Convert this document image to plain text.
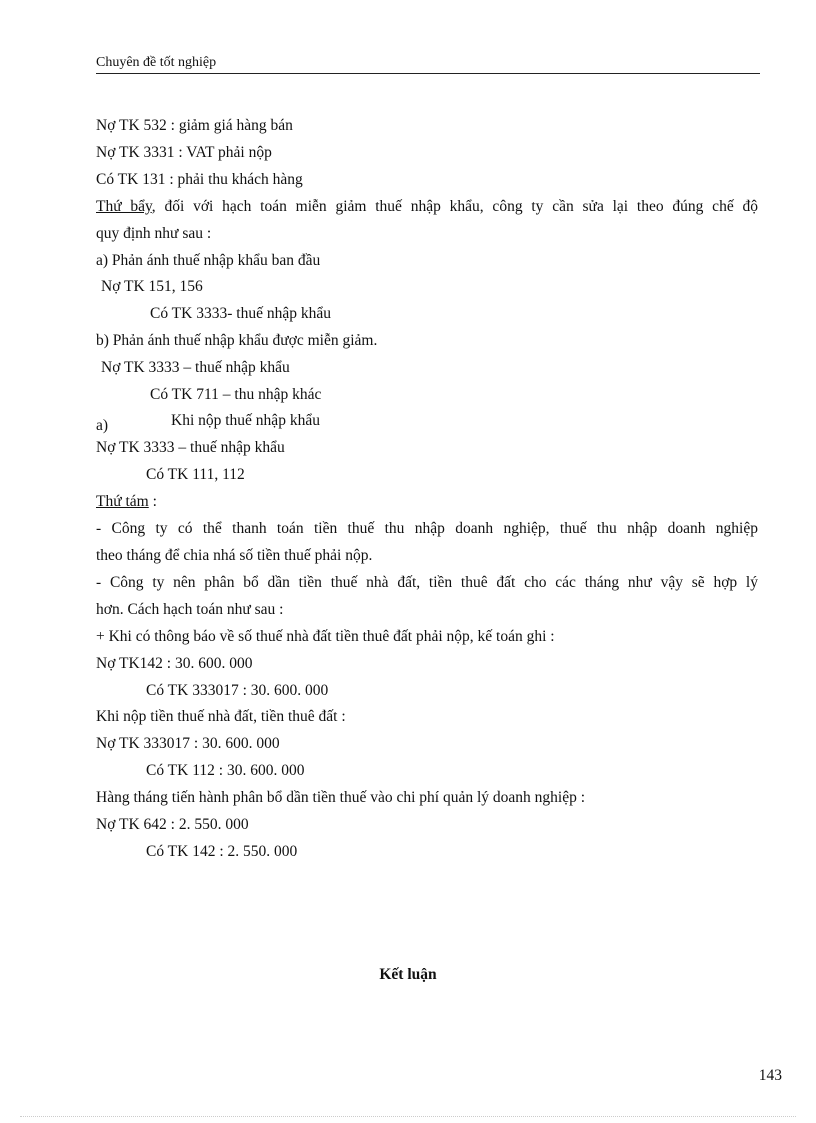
Chuyên đề tốt nghiệp
Nợ TK 532 : giảm giá hàng bán
Nợ TK 3331 : VAT phải nộp
Có TK 131 : phải thu khách hàng
Thứ bẩy, đối với hạch toán miễn giảm thuế nhập khẩu, công ty cần sửa lại theo đúng chế độ
quy định như sau :
a) Phản ánh thuế nhập khẩu ban đầu
Nợ TK 151, 156
Có TK 3333- thuế nhập khẩu
b) Phản ánh thuế nhập khẩu được miễn giảm.
Nợ TK 3333 – thuế nhập khẩu
Có TK 711 – thu nhập khác
a)	Khi nộp thuế nhập khẩu
Nợ TK 3333 – thuế nhập khẩu
Có TK 111, 112
Thứ tám :
- Công ty có thể thanh toán tiền thuế thu nhập doanh nghiệp, thuế thu nhập doanh nghiệp
theo tháng để chia nhá số tiền thuế phải nộp.
- Công ty nên phân bổ dần tiền thuế nhà đất, tiền thuê đất cho các tháng như vậy sẽ hợp lý
hơn. Cách hạch toán như sau :
+ Khi có thông báo về số thuế nhà đất tiền thuê đất phải nộp, kế toán ghi :
Nợ TK142 : 30. 600. 000
Có TK 333017 : 30. 600. 000
Khi nộp tiền thuế nhà đất, tiền thuê đất :
Nợ TK 333017 : 30. 600. 000
Có TK 112 : 30. 600. 000
Hàng tháng tiến hành phân bổ dần tiền thuế vào chi phí quản lý doanh nghiệp :
Nợ TK 642 : 2. 550. 000
Có TK 142 : 2. 550. 000
Kết luận
143
